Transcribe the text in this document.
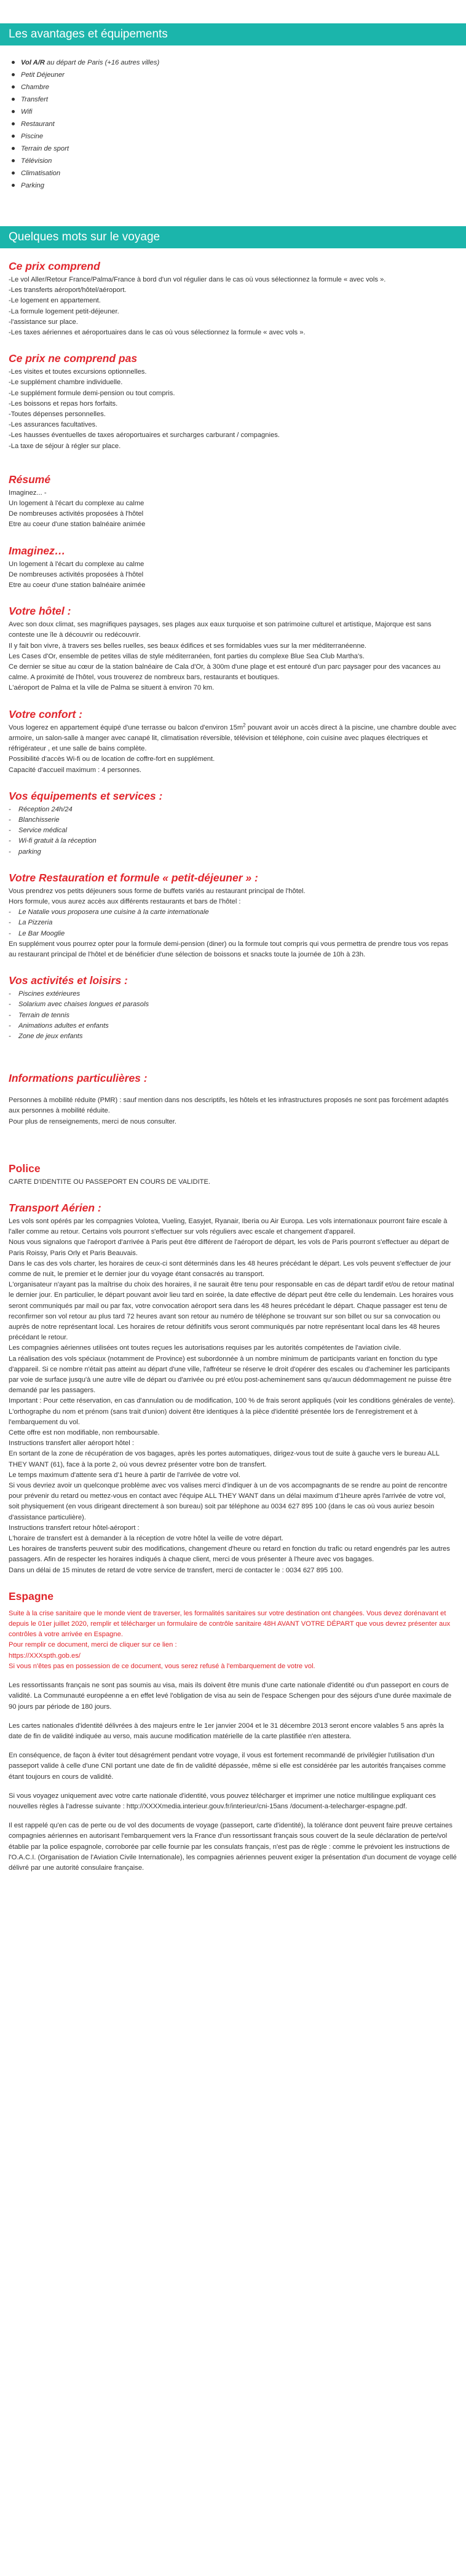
Les avantages et équipements
Vol A/R au départ de Paris (+16 autres villes)
Petit Déjeuner
Chambre
Transfert
Wifi
Restaurant
Piscine
Terrain de sport
Télévision
Climatisation
Parking
Quelques mots sur le voyage
Ce prix comprend

-Le vol Aller/Retour France/Palma/France à bord d'un vol régulier dans le cas où vous sélectionnez la formule « avec vols ».

-Les transferts aéroport/hôtel/aéroport.

-Le logement en appartement.

-La formule logement petit-déjeuner.

-l'assistance sur place.

-Les taxes aériennes et aéroportuaires dans le cas où vous sélectionnez la formule « avec vols ».

Ce prix ne comprend pas

-Les visites et toutes excursions optionnelles.

-Le supplément chambre individuelle.

-Le supplément formule demi-pension ou tout compris.

-Les boissons et repas hors forfaits.

-Toutes dépenses personnelles.

-Les assurances facultatives.

-Les hausses éventuelles de taxes aéroportuaires et surcharges carburant / compagnies.

-La taxe de séjour à régler sur place.

Résumé

Imaginez... -

Un logement à l'écart du complexe au calme

De nombreuses activités proposées à l'hôtel

Etre au coeur d'une station balnéaire animée

Imaginez…

Un logement à l'écart du complexe au calme

De nombreuses activités proposées à l'hôtel

Etre au coeur d'une station balnéaire animée

Votre hôtel :

Avec son doux climat, ses magnifiques paysages, ses plages aux eaux turquoise et son patrimoine culturel et artistique, Majorque est sans conteste une île à découvrir ou redécouvrir.

Il y fait bon vivre, à travers ses belles ruelles, ses beaux édifices et ses formidables vues sur la mer méditerranéenne.

Les Cases d'Or, ensemble de petites villas de style méditerranéen, font parties du complexe Blue Sea Club Martha's.

Ce dernier se situe au cœur de la station balnéaire de Cala d'Or, à 300m d'une plage et est entouré d'un parc paysager pour des vacances au calme. A proximité de l'hôtel, vous trouverez de nombreux bars, restaurants et boutiques.

L'aéroport de Palma et la ville de Palma se situent à environ 70 km.

Votre confort :

Vous logerez en appartement équipé d'une terrasse ou balcon d'environ $15m^2$ pouvant avoir un accès direct à la piscine, une chambre double avec armoire, un salon-salle à manger avec canapé lit, climatisation réversible, télévision et téléphone, coin cuisine avec plaques électriques et réfrigérateur , et une salle de bains complète.

Possibilité d'accès Wi-fi ou de location de coffre-fort en supplément.

Capacité d'accueil maximum : 4 personnes.

Vos équipements et services :
- Réception 24h/24
- Blanchisserie
- Service médical
- Wi-fi gratuit à la réception
- parking
Votre Restauration et formule « petit-déjeuner » :

Vous prendrez vos petits déjeuners sous forme de buffets variés au restaurant principal de l'hôtel.

Hors formule, vous aurez accès aux différents restaurants et bars de l'hôtel :

- Le Natalie vous proposera une cuisine à la carte internationale
- La Pizzeria
- Le Bar Mooglie

En supplément vous pourrez opter pour la formule demi-pension (diner) ou la formule tout compris qui vous permettra de prendre tous vos repas au restaurant principal de l'hôtel et de bénéficier d'une sélection de boissons et snacks toute la journée de 10h à 23h.

Vos activités et loisirs :
- Piscines extérieures
- Solarium avec chaises longues et parasols
- Terrain de tennis
- Animations adultes et enfants
- Zone de jeux enfants
Informations particulières :

Personnes à mobilité réduite (PMR) : sauf mention dans nos descriptifs, les hôtels et les infrastructures proposés ne sont pas forcément adaptés aux personnes à mobilité réduite.

Pour plus de renseignements, merci de nous consulter.

Police

CARTE D'IDENTITE OU PASSEPORT EN COURS DE VALIDITE.

Transport Aérien :

Les vols sont opérés par les compagnies Volotea, Vueling, Easyjet, Ryanair, Iberia ou Air Europa. Les vols internationaux pourront faire escale à l'aller comme au retour. Certains vols pourront s'effectuer sur vols réguliers avec escale et changement d'appareil.

Nous vous signalons que l'aéroport d'arrivée à Paris peut être différent de l'aéroport de départ, les vols de Paris pourront s'effectuer au départ de Paris Roissy, Paris Orly et Paris Beauvais.

Dans le cas des vols charter, les horaires de ceux-ci sont déterminés dans les 48 heures précédant le départ. Les vols peuvent s'effectuer de jour comme de nuit, le premier et le dernier jour du voyage étant consacrés au transport.

L'organisateur n'ayant pas la maîtrise du choix des horaires, il ne saurait être tenu pour responsable en cas de départ tardif et/ou de retour matinal le dernier jour. En particulier, le départ pouvant avoir lieu tard en soirée, la date effective de départ peut être celle du lendemain. Les horaires vous seront communiqués par mail ou par fax, votre convocation aéroport sera dans les 48 heures précédant le départ. Chaque passager est tenu de reconfirmer son vol retour au plus tard 72 heures avant son retour au numéro de téléphone se trouvant sur son billet ou sur sa convocation ou auprès de notre représentant local. Les horaires de retour définitifs vous seront communiqués par notre représentant local dans les 48 heures précédant le retour.

Les compagnies aériennes utilisées ont toutes reçues les autorisations requises par les autorités compétentes de l'aviation civile.

La réalisation des vols spéciaux (notamment de Province) est subordonnée à un nombre minimum de participants variant en fonction du type d'appareil. Si ce nombre n'était pas atteint au départ d'une ville, l'affréteur se réserve le droit d'opérer des escales ou d'acheminer les participants par voie de surface jusqu'à une autre ville de départ ou d'arrivée ou pré et/ou post-acheminement sans qu'aucun dédommagement ne puisse être demandé par les passagers.

Important : Pour cette réservation, en cas d'annulation ou de modification, 100 % de frais seront appliqués (voir les conditions générales de vente).

L'orthographe du nom et prénom (sans trait d'union) doivent être identiques à la pièce d'identité présentée lors de l'enregistrement et à l'embarquement du vol.

Cette offre est non modifiable, non remboursable.

Instructions transfert aller aéroport hôtel :

En sortant de la zone de récupération de vos bagages, après les portes automatiques, dirigez-vous tout de suite à gauche vers le bureau ALL THEY WANT (61), face à la porte 2, où vous devrez présenter votre bon de transfert.

Le temps maximum d'attente sera d'1 heure à partir de l'arrivée de votre vol.

Si vous devriez avoir un quelconque problème avec vos valises merci d'indiquer à un de vos accompagnants de se rendre au point de rencontre pour prévenir du retard ou mettez-vous en contact avec l'équipe ALL THEY WANT dans un délai maximum d'1heure après l'arrivée de votre vol, soit physiquement (en vous dirigeant directement à son bureau) soit par téléphone au 0034 627 895 100 (dans le cas où vous auriez besoin d'assistance particulière).

Instructions transfert retour hôtel-aéroport :

L'horaire de transfert est à demander à la réception de votre hôtel la veille de votre départ.

Les horaires de transferts peuvent subir des modifications, changement d'heure ou retard en fonction du trafic ou retard engendrés par les autres passagers. Afin de respecter les horaires indiqués à chaque client, merci de vous présenter à l'heure avec vos bagages.

Dans un délai de 15 minutes de retard de votre service de transfert, merci de contacter le : 0034 627 895 100.

Espagne

Suite à la crise sanitaire que le monde vient de traverser, les formalités sanitaires sur votre destination ont changées. Vous devez dorénavant et depuis le 01er juillet 2020, remplir et télécharger un formulaire de contrôle sanitaire 48H AVANT VOTRE DÉPART que vous devrez présenter aux contrôles à votre arrivée en Espagne.

Pour remplir ce document, merci de cliquer sur ce lien :

https://XXXspth.gob.es/

Si vous n'êtes pas en possession de ce document, vous serez refusé à l'embarquement de votre vol.

Les ressortissants français ne sont pas soumis au visa, mais ils doivent être munis d'une carte nationale d'identité ou d'un passeport en cours de validité. La Communauté européenne a en effet levé l'obligation de visa au sein de l'espace Schengen pour des séjours d'une durée maximale de 90 jours par période de 180 jours.

Les cartes nationales d'identité délivrées à des majeurs entre le 1er janvier 2004 et le 31 décembre 2013 seront encore valables 5 ans après la date de fin de validité indiquée au verso, mais aucune modification matérielle de la carte plastifiée n'en attestera.

En conséquence, de façon à éviter tout désagrément pendant votre voyage, il vous est fortement recommandé de privilégier l'utilisation d'un passeport valide à celle d'une CNI portant une date de fin de validité dépassée, même si elle est considérée par les autorités françaises comme étant toujours en cours de validité.

Si vous voyagez uniquement avec votre carte nationale d'identité, vous pouvez télécharger et imprimer une notice multilingue expliquant ces nouvelles règles à l'adresse suivante : http://XXXXmedia.interieur.gouv.fr/interieur/cni-15ans /document-a-telecharger-espagne.pdf.

Il est rappelé qu'en cas de perte ou de vol des documents de voyage (passeport, carte d'identité), la tolérance dont peuvent faire preuve certaines compagnies aériennes en autorisant l'embarquement vers la France d'un ressortissant français sous couvert de la seule déclaration de perte/vol établie par la police espagnole, corroborée par celle fournie par les consulats français, n'est pas de règle : comme le prévoient les instructions de l'O.A.C.I. (Organisation de l'Aviation Civile Internationale), les compagnies aériennes peuvent exiger la présentation d'un document de voyage cellé délivré par une autorité consulaire française.
